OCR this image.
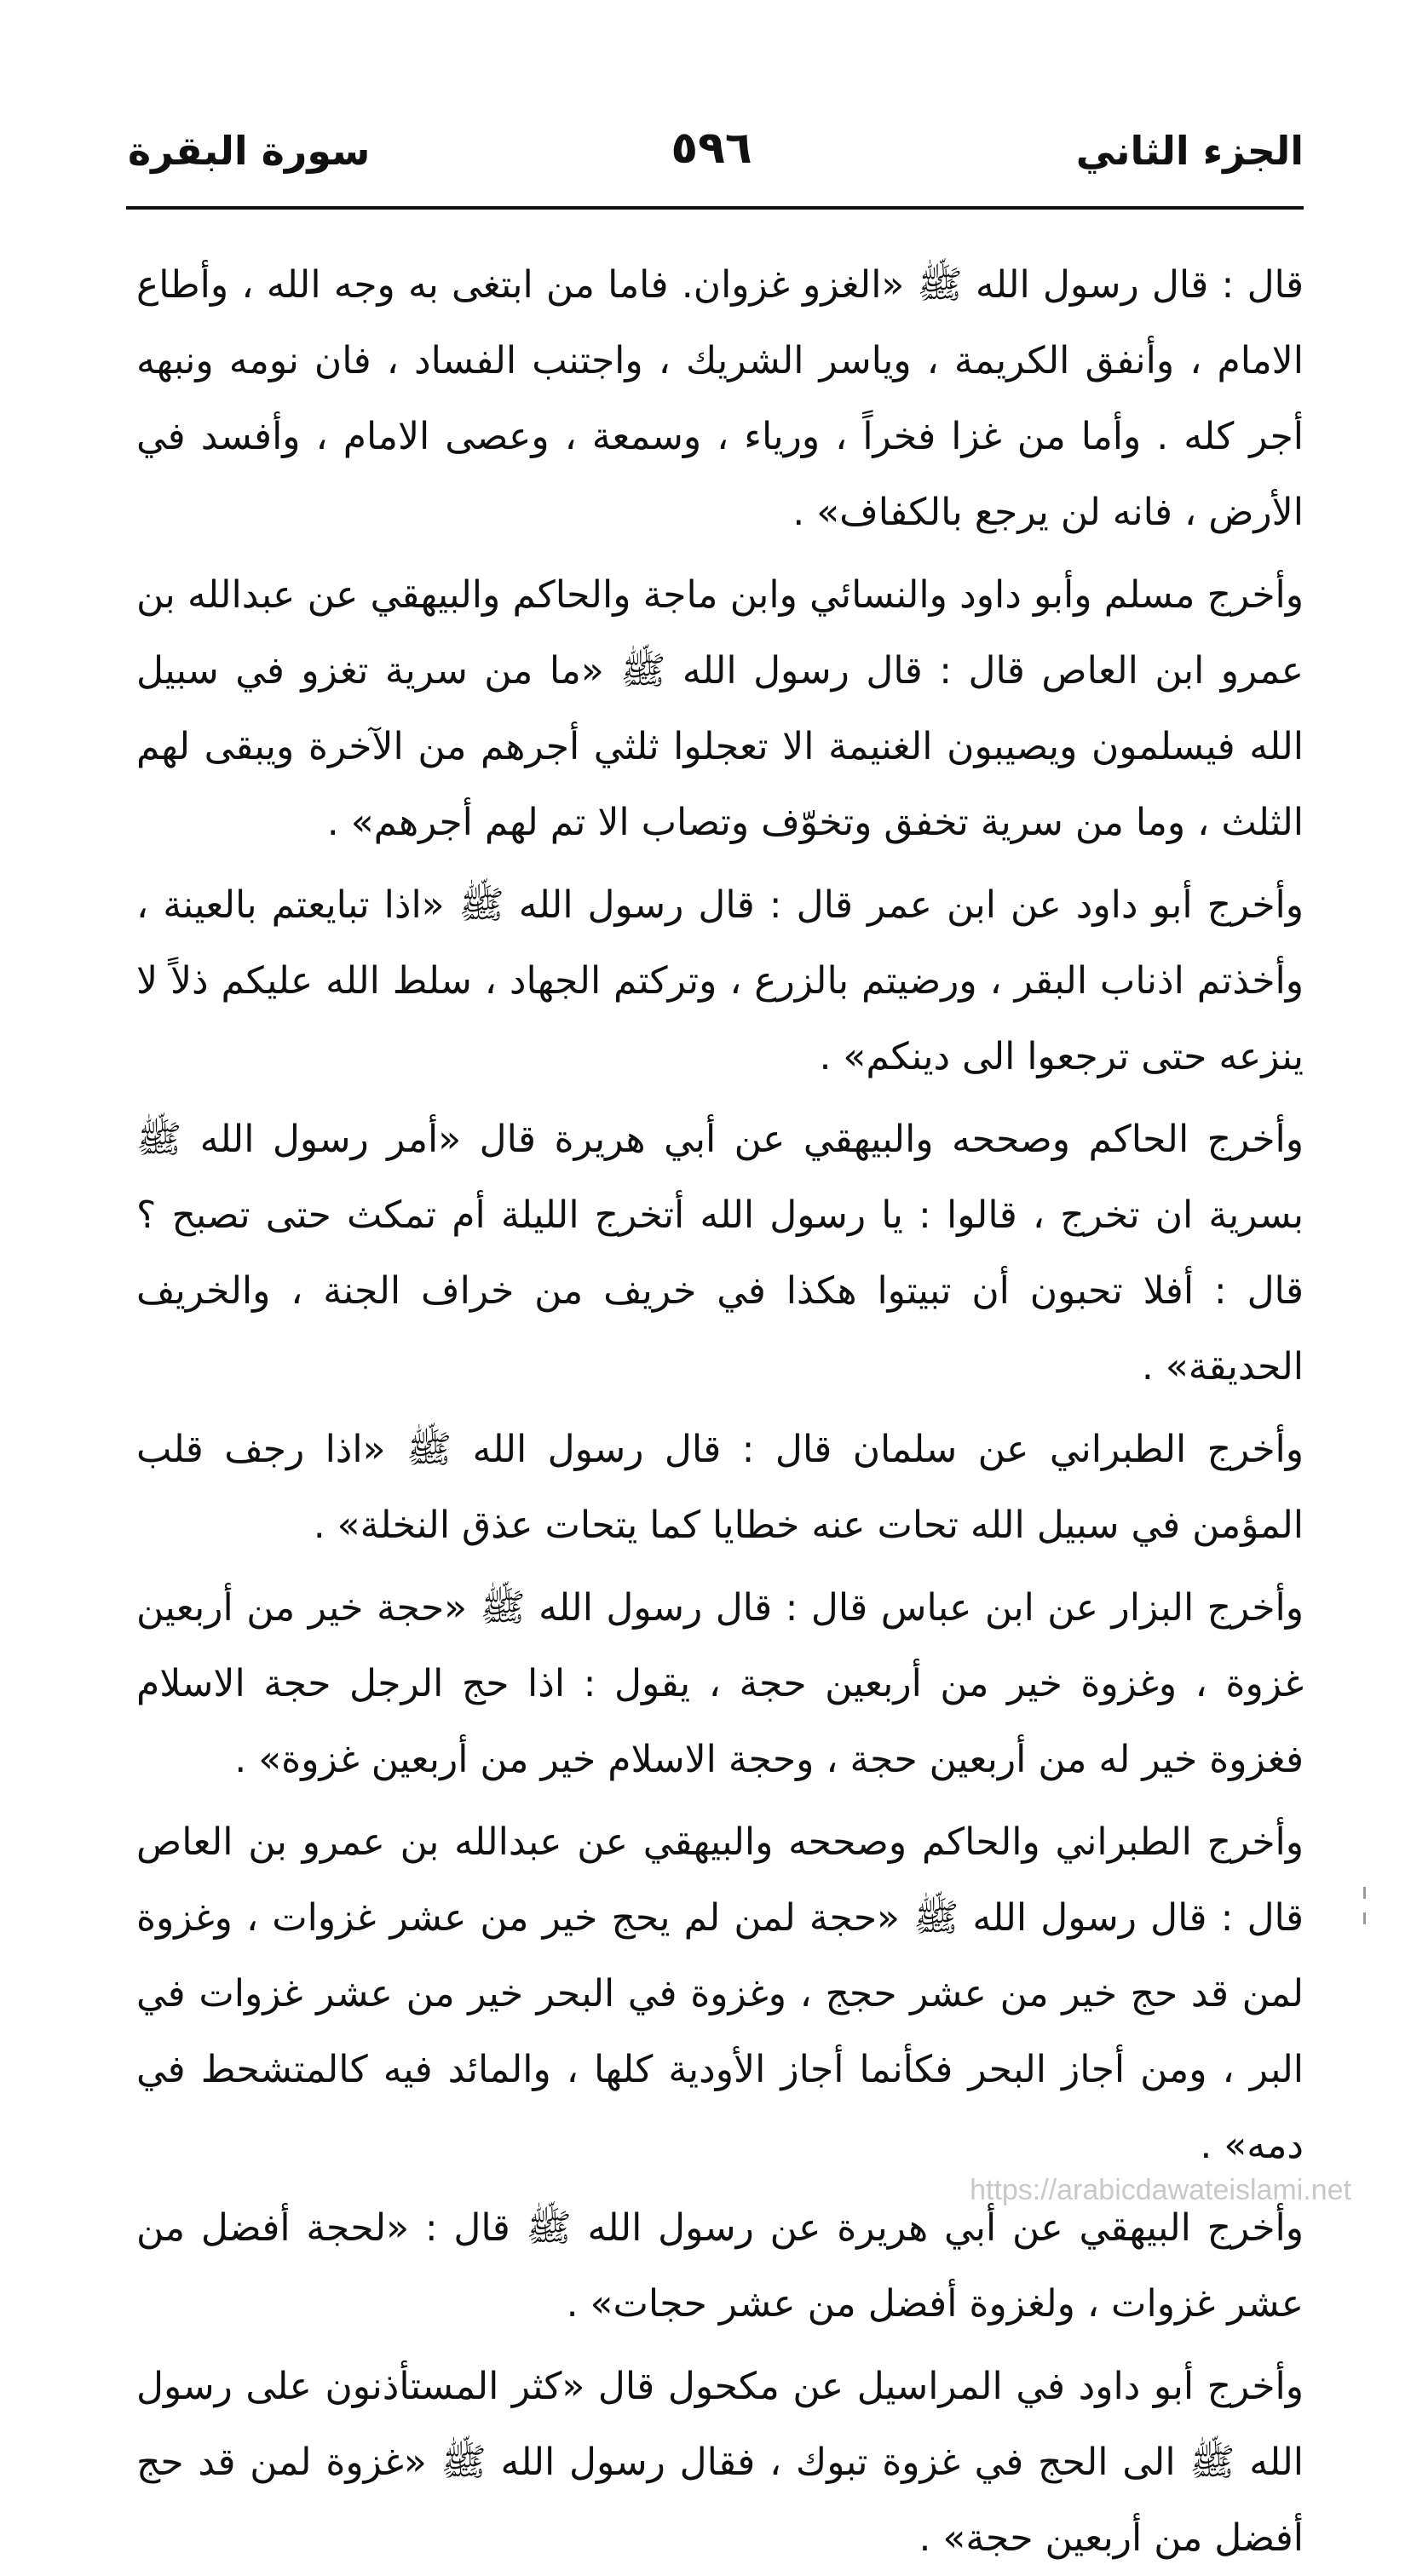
الجزء الثاني
٥٩٦
سورة البقرة

قال : قال رسول الله ﷺ «الغزو غزوان. فاما من ابتغى به وجه الله ، وأطاع الامام ، وأنفق الكريمة ، وياسر الشريك ، واجتنب الفساد ، فان نومه ونبهه أجر كله . وأما من غزا فخراً ، ورياء ، وسمعة ، وعصى الامام ، وأفسد في الأرض ، فانه لن يرجع بالكفاف» .

وأخرج مسلم وأبو داود والنسائي وابن ماجة والحاكم والبيهقي عن عبدالله بن عمرو ابن العاص قال : قال رسول الله ﷺ «ما من سرية تغزو في سبيل الله فيسلمون ويصيبون الغنيمة الا تعجلوا ثلثي أجرهم من الآخرة ويبقى لهم الثلث ، وما من سرية تخفق وتخوّف وتصاب الا تم لهم أجرهم» .

وأخرج أبو داود عن ابن عمر قال : قال رسول الله ﷺ «اذا تبايعتم بالعينة ، وأخذتم اذناب البقر ، ورضيتم بالزرع ، وتركتم الجهاد ، سلط الله عليكم ذلاً لا ينزعه حتى ترجعوا الى دينكم» .

وأخرج الحاكم وصححه والبيهقي عن أبي هريرة قال «أمر رسول الله ﷺ بسرية ان تخرج ، قالوا : يا رسول الله أتخرج الليلة أم تمكث حتى تصبح ؟ قال : أفلا تحبون أن تبيتوا هكذا في خريف من خراف الجنة ، والخريف الحديقة» .

وأخرج الطبراني عن سلمان قال : قال رسول الله ﷺ «اذا رجف قلب المؤمن في سبيل الله تحات عنه خطايا كما يتحات عذق النخلة» .

وأخرج البزار عن ابن عباس قال : قال رسول الله ﷺ «حجة خير من أربعين غزوة ، وغزوة خير من أربعين حجة ، يقول : اذا حج الرجل حجة الاسلام فغزوة خير له من أربعين حجة ، وحجة الاسلام خير من أربعين غزوة» .

وأخرج الطبراني والحاكم وصححه والبيهقي عن عبدالله بن عمرو بن العاص قال : قال رسول الله ﷺ «حجة لمن لم يحج خير من عشر غزوات ، وغزوة لمن قد حج خير من عشر حجج ، وغزوة في البحر خير من عشر غزوات في البر ، ومن أجاز البحر فكأنما أجاز الأودية كلها ، والمائد فيه كالمتشحط في دمه» .

وأخرج البيهقي عن أبي هريرة عن رسول الله ﷺ قال : «لحجة أفضل من عشر غزوات ، ولغزوة أفضل من عشر حجات» .

وأخرج أبو داود في المراسيل عن مكحول قال «كثر المستأذنون على رسول الله ﷺ الى الحج في غزوة تبوك ، فقال رسول الله ﷺ «غزوة لمن قد حج أفضل من أربعين حجة» .

https://arabicdawateislami.net
